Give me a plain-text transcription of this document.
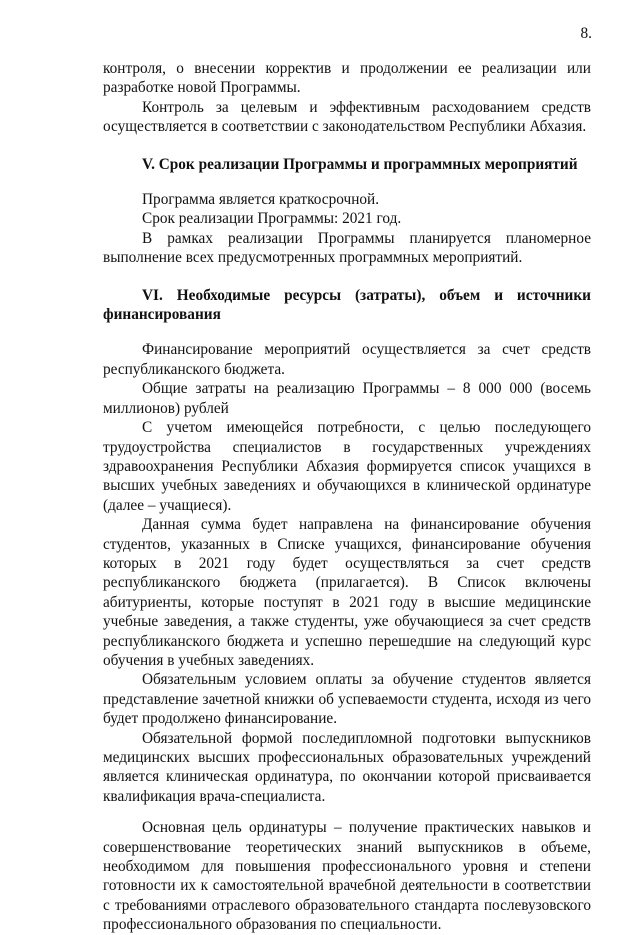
8.

контроля, о внесении корректив и продолжении ее реализации или разработке новой Программы.

Контроль за целевым и эффективным расходованием средств осуществляется в соответствии с законодательством Республики Абхазия.

V. Срок реализации Программы и программных мероприятий

Программа является краткосрочной.

Срок реализации Программы: 2021 год.

В рамках реализации Программы планируется планомерное выполнение всех предусмотренных программных мероприятий.

VI. Необходимые ресурсы (затраты), объем и источники финансирования

Финансирование мероприятий осуществляется за счет средств республиканского бюджета.

Общие затраты на реализацию Программы – 8 000 000 (восемь миллионов) рублей

С учетом имеющейся потребности, с целью последующего трудоустройства специалистов в государственных учреждениях здравоохранения Республики Абхазия формируется список учащихся в высших учебных заведениях и обучающихся в клинической ординатуре (далее – учащиеся).

Данная сумма будет направлена на финансирование обучения студентов, указанных в Списке учащихся, финансирование обучения которых в 2021 году будет осуществляться за счет средств республиканского бюджета (прилагается). В Список включены абитуриенты, которые поступят в 2021 году в высшие медицинские учебные заведения, а также студенты, уже обучающиеся за счет средств республиканского бюджета и успешно перешедшие на следующий курс обучения в учебных заведениях.

Обязательным условием оплаты за обучение студентов является представление зачетной книжки об успеваемости студента, исходя из чего будет продолжено финансирование.

Обязательной формой последипломной подготовки выпускников медицинских высших профессиональных образовательных учреждений является клиническая ординатура, по окончании которой присваивается квалификация врача-специалиста.

Основная цель ординатуры – получение практических навыков и совершенствование теоретических знаний выпускников в объеме, необходимом для повышения профессионального уровня и степени готовности их к самостоятельной врачебной деятельности в соответствии с требованиями отраслевого образовательного стандарта послевузовского профессионального образования по специальности.
